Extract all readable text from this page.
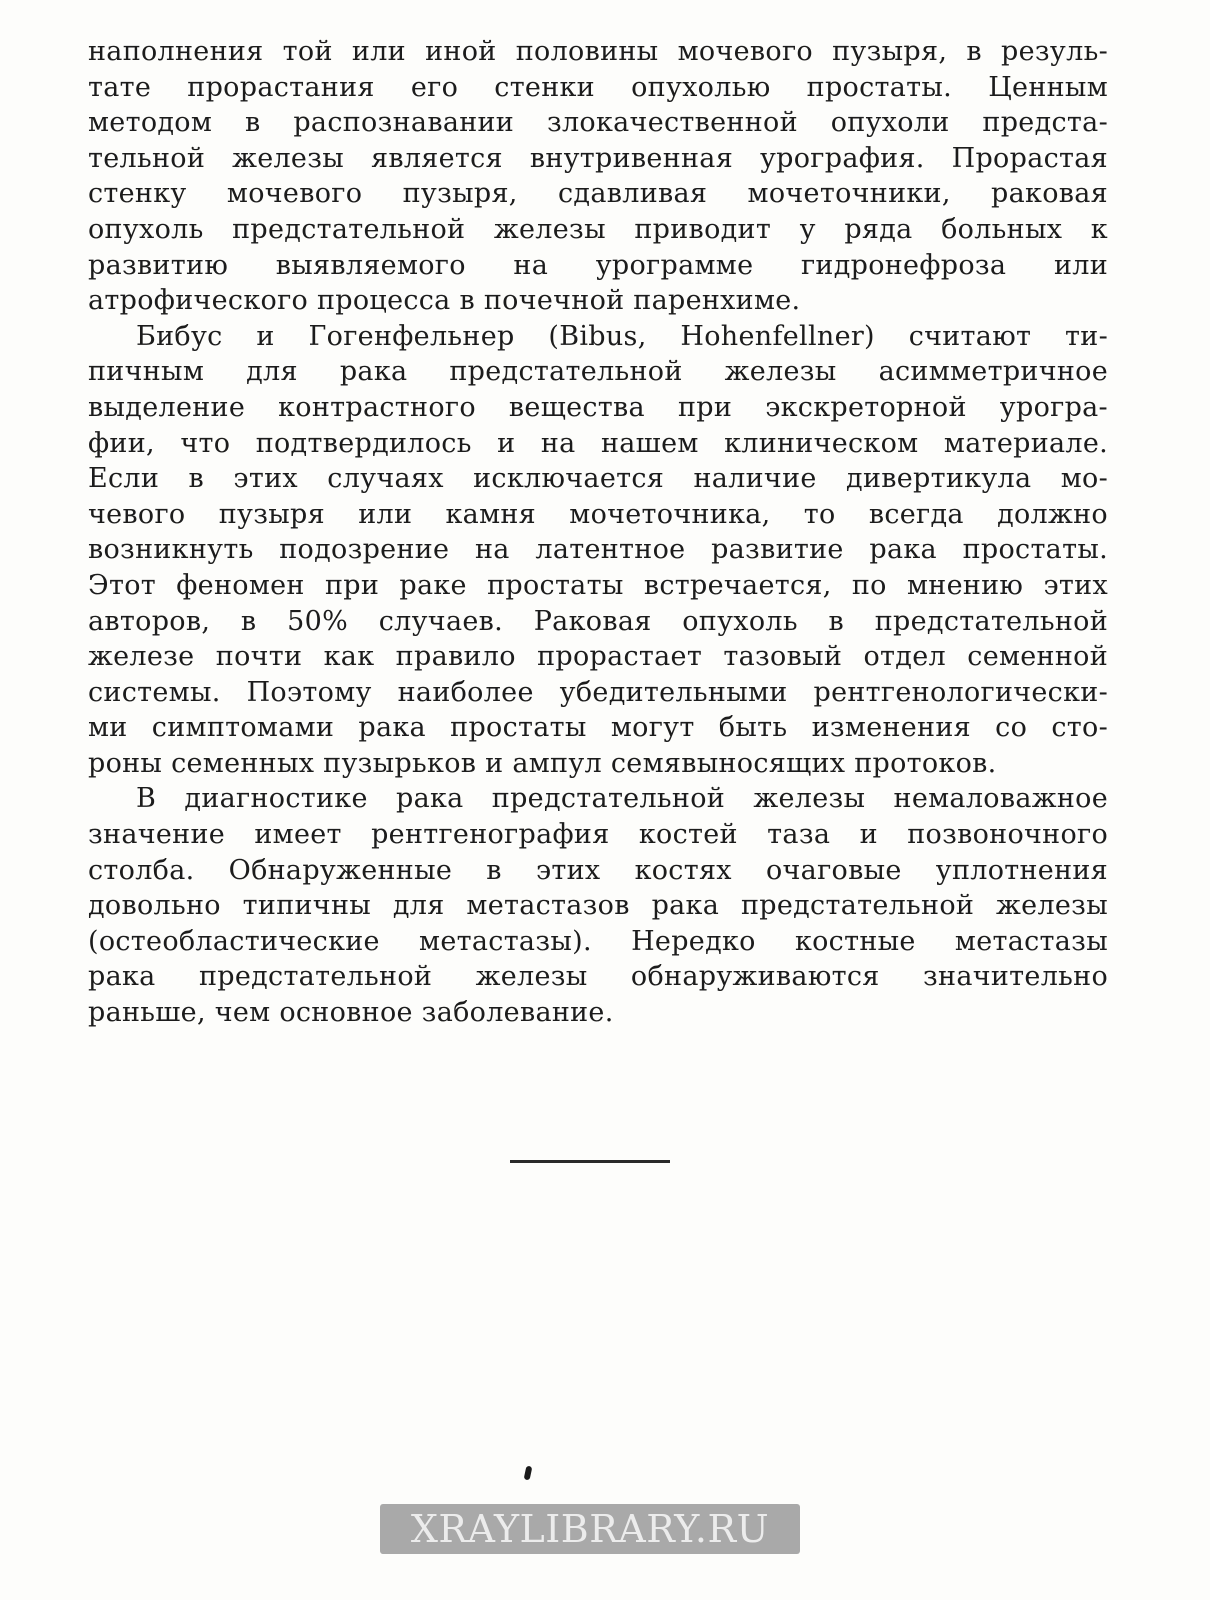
наполнения той или иной половины мочевого пузыря, в резуль-
тате прорастания его стенки опухолью простаты. Ценным
методом в распознавании злокачественной опухоли предста-
тельной железы является внутривенная урография. Прорастая
стенку мочевого пузыря, сдавливая мочеточники, раковая
опухоль предстательной железы приводит у ряда больных к
развитию выявляемого на урограмме гидронефроза или
атрофического процесса в почечной паренхиме.
Бибус и Гогенфельнер (Bibus, Hohenfellner) считают ти-
пичным для рака предстательной железы асимметричное
выделение контрастного вещества при экскреторной урогра-
фии, что подтвердилось и на нашем клиническом материале.
Если в этих случаях исключается наличие дивертикула мо-
чевого пузыря или камня мочеточника, то всегда должно
возникнуть подозрение на латентное развитие рака простаты.
Этот феномен при раке простаты встречается, по мнению этих
авторов, в 50% случаев. Раковая опухоль в предстательной
железе почти как правило прорастает тазовый отдел семенной
системы. Поэтому наиболее убедительными рентгенологически-
ми симптомами рака простаты могут быть изменения со сто-
роны семенных пузырьков и ампул семявыносящих протоков.
В диагностике рака предстательной железы немаловажное
значение имеет рентгенография костей таза и позвоночного
столба. Обнаруженные в этих костях очаговые уплотнения
довольно типичны для метастазов рака предстательной железы
(остеобластические метастазы). Нередко костные метастазы
рака предстательной железы обнаруживаются значительно
раньше, чем основное заболевание.
XRAYLIBRARY.RU
